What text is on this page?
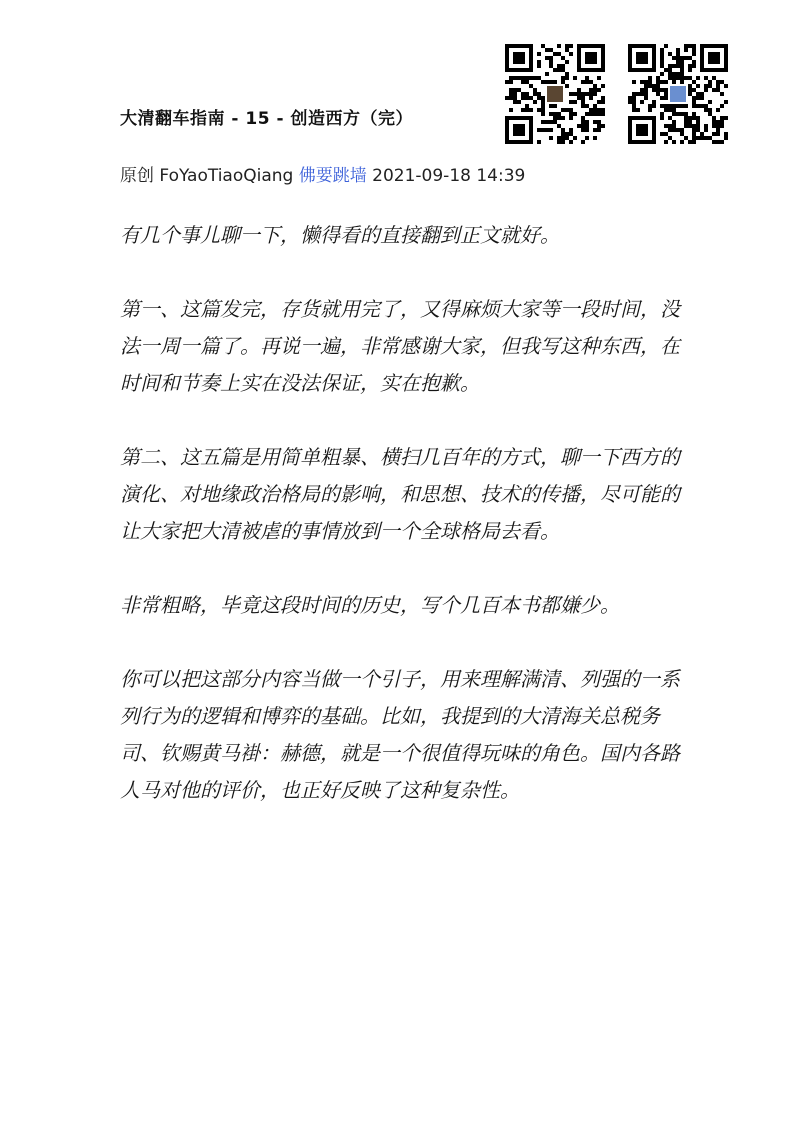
大清翻车指南 - 15 - 创造西方（完）
原创 FoYaoTiaoQiang 佛要跳墙 2021-09-18 14:39

有几个事儿聊一下，懒得看的直接翻到正文就好。

第一、这篇发完，存货就用完了，又得麻烦大家等一段时间，没法一周一篇了。再说一遍，非常感谢大家，但我写这种东西，在时间和节奏上实在没法保证，实在抱歉。

第二、这五篇是用简单粗暴、横扫几百年的方式，聊一下西方的演化、对地缘政治格局的影响，和思想、技术的传播，尽可能的让大家把大清被虐的事情放到一个全球格局去看。

非常粗略，毕竟这段时间的历史，写个几百本书都嫌少。

你可以把这部分内容当做一个引子，用来理解满清、列强的一系列行为的逻辑和博弈的基础。比如，我提到的大清海关总税务司、钦赐黄马褂：赫德，就是一个很值得玩味的角色。国内各路人马对他的评价，也正好反映了这种复杂性。
